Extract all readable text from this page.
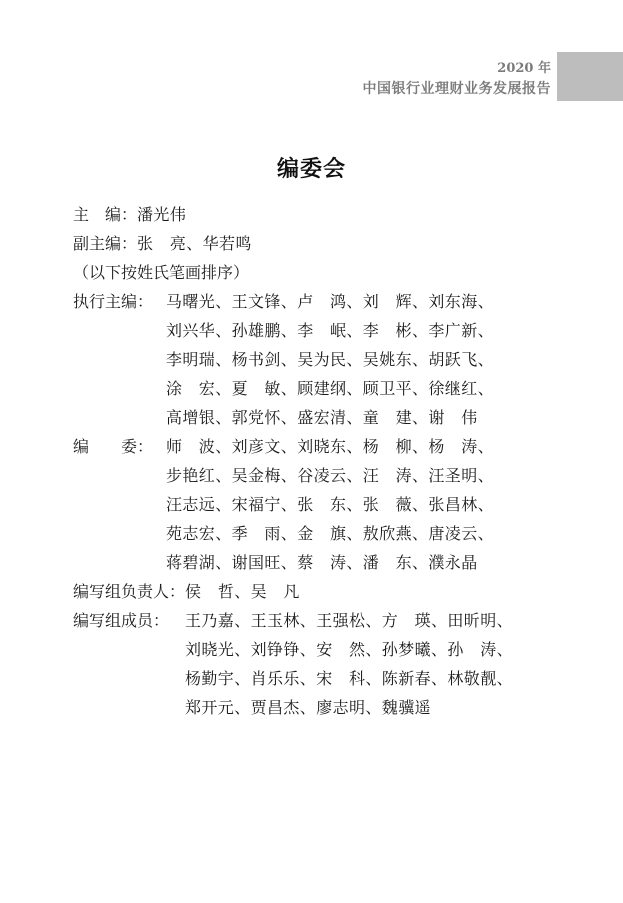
2020 年
中国银行业理财业务发展报告
编委会
主　编： 潘光伟
副主编： 张　亮、华若鸣
（以下按姓氏笔画排序）
执行主编： 马曙光、王文锋、卢　鸿、刘　辉、刘东海、
刘兴华、孙雄鹏、李　岷、李　彬、李广新、
李明瑞、杨书剑、吴为民、吴姚东、胡跃飞、
涂　宏、夏　敏、顾建纲、顾卫平、徐继红、
高增银、郭党怀、盛宏清、童　建、谢　伟
编　　委： 师　波、刘彦文、刘晓东、杨　柳、杨　涛、
步艳红、吴金梅、谷凌云、汪　涛、汪圣明、
汪志远、宋福宁、张　东、张　薇、张昌林、
苑志宏、季　雨、金　旗、敖欣燕、唐凌云、
蒋碧湖、谢国旺、蔡　涛、潘　东、濮永晶
编写组负责人： 侯　哲、吴　凡
编写组成员： 王乃嘉、王玉林、王强松、方　瑛、田昕明、
刘晓光、刘铮铮、安　然、孙梦曦、孙　涛、
杨勤宇、肖乐乐、宋　科、陈新春、林敬靓、
郑开元、贾昌杰、廖志明、魏骥遥
